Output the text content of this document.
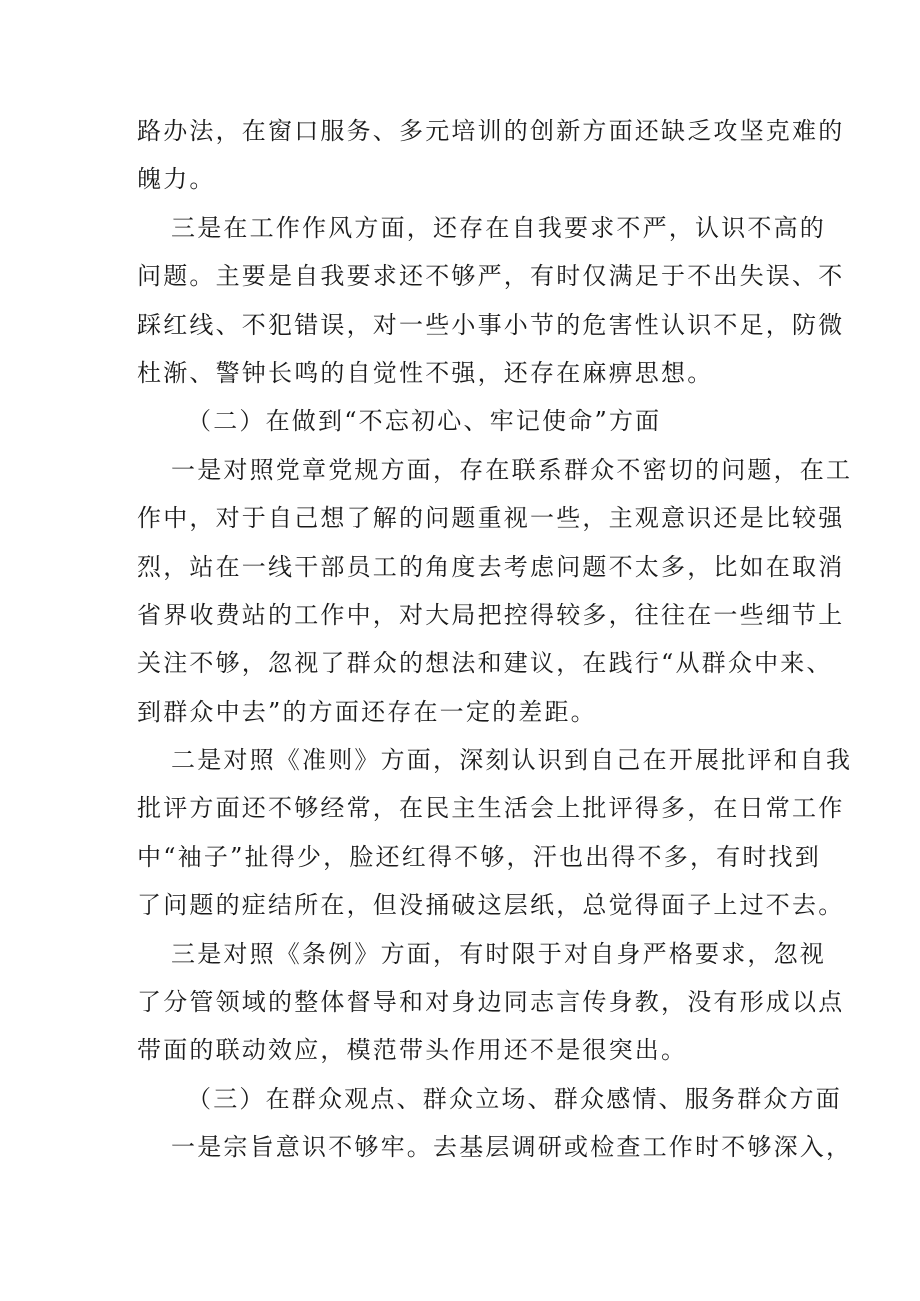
路办法，在窗口服务、多元培训的创新方面还缺乏攻坚克难的
魄力。
三是在工作作风方面，还存在自我要求不严，认识不高的
问题。主要是自我要求还不够严，有时仅满足于不出失误、不
踩红线、不犯错误，对一些小事小节的危害性认识不足，防微
杜渐、警钟长鸣的自觉性不强，还存在麻痹思想。
（二）在做到“不忘初心、牢记使命”方面
一是对照党章党规方面，存在联系群众不密切的问题，在工
作中，对于自己想了解的问题重视一些，主观意识还是比较强
烈，站在一线干部员工的角度去考虑问题不太多，比如在取消
省界收费站的工作中，对大局把控得较多，往往在一些细节上
关注不够，忽视了群众的想法和建议，在践行“从群众中来、
到群众中去”的方面还存在一定的差距。
二是对照《准则》方面，深刻认识到自己在开展批评和自我
批评方面还不够经常，在民主生活会上批评得多，在日常工作
中“袖子”扯得少，脸还红得不够，汗也出得不多，有时找到
了问题的症结所在，但没捅破这层纸，总觉得面子上过不去。
三是对照《条例》方面，有时限于对自身严格要求，忽视
了分管领域的整体督导和对身边同志言传身教，没有形成以点
带面的联动效应，模范带头作用还不是很突出。
（三）在群众观点、群众立场、群众感情、服务群众方面
一是宗旨意识不够牢。去基层调研或检查工作时不够深入，
